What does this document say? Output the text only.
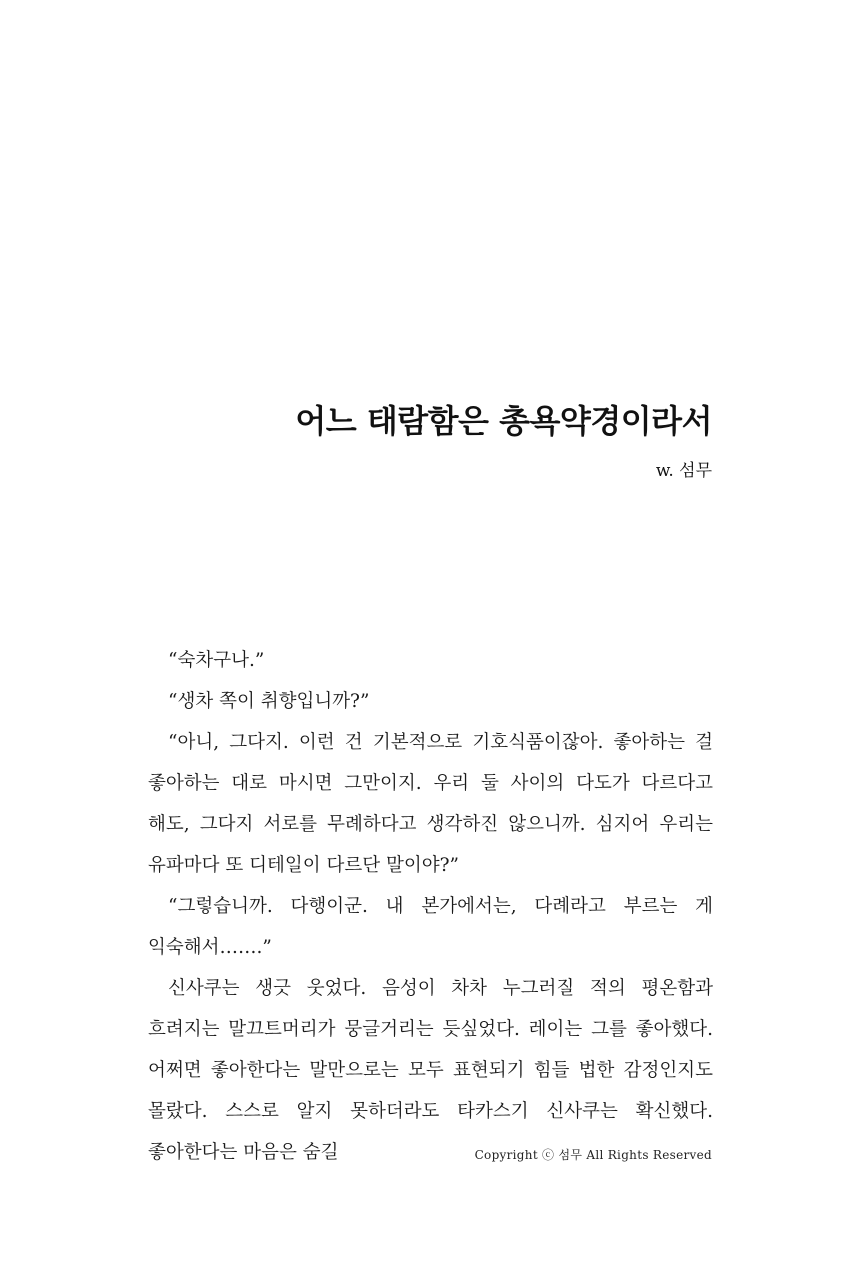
어느 태람함은 총욕약경이라서
w. 섬무

“숙차구나.”

“생차 쪽이 취향입니까?”

“아니, 그다지. 이런 건 기본적으로 기호식품이잖아. 좋아하는 걸 좋아하는 대로 마시면 그만이지. 우리 둘 사이의 다도가 다르다고 해도, 그다지 서로를 무례하다고 생각하진 않으니까. 심지어 우리는 유파마다 또 디테일이 다르단 말이야?”

“그렇습니까. 다행이군. 내 본가에서는, 다례라고 부르는 게 익숙해서…….”

신사쿠는 생긋 웃었다. 음성이 차차 누그러질 적의 평온함과 흐려지는 말끄트머리가 뭉글거리는 듯싶었다. 레이는 그를 좋아했다. 어쩌면 좋아한다는 말만으로는 모두 표현되기 힘들 법한 감정인지도 몰랐다. 스스로 알지 못하더라도 타카스기 신사쿠는 확신했다. 좋아한다는 마음은 숨길	Copyright ⓒ 섬무 All Rights Reserved
